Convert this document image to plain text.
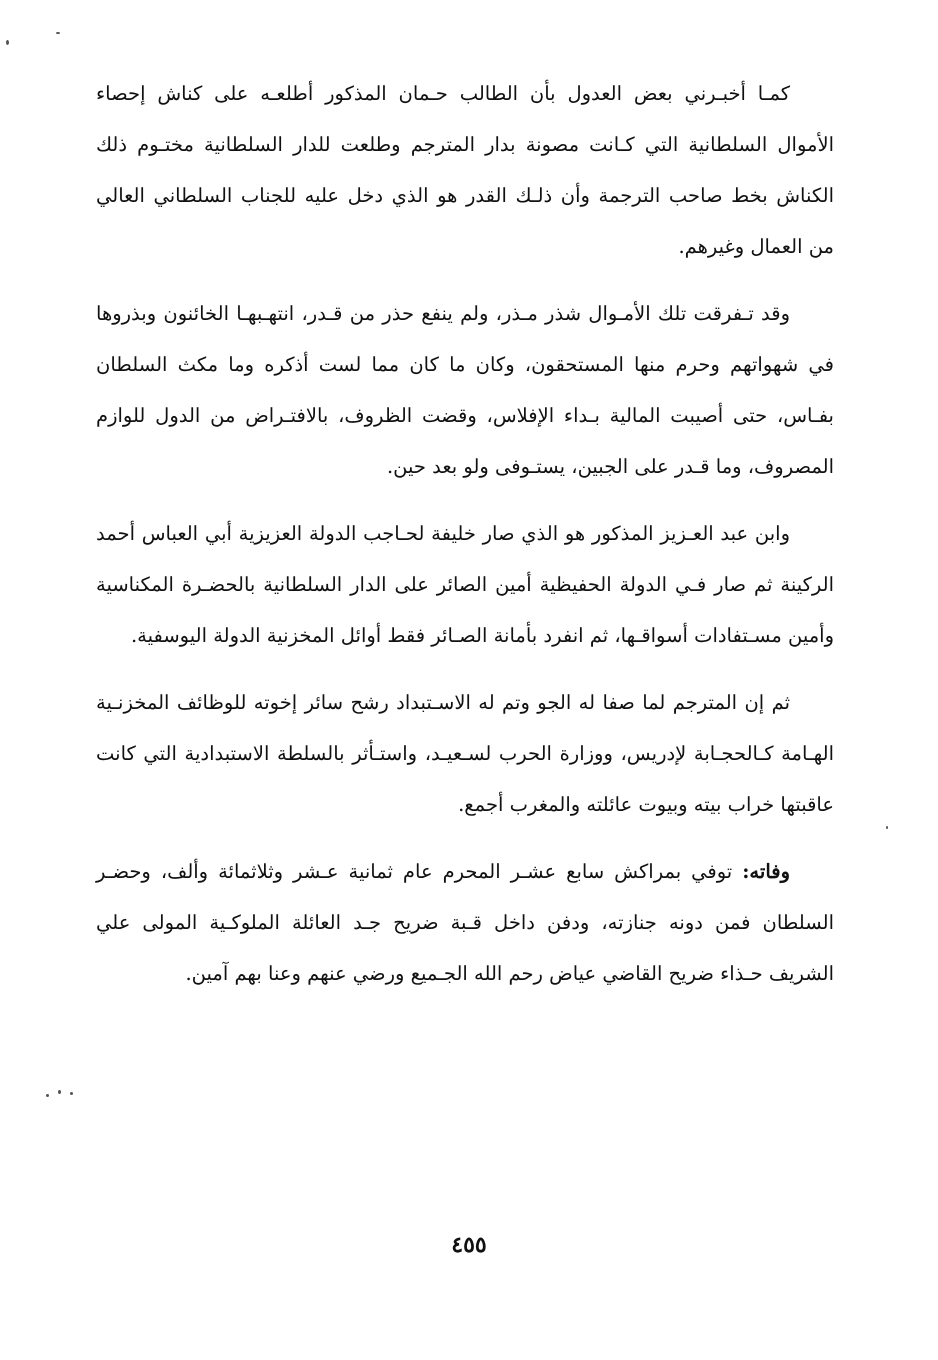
كمـا أخبـرني بعض العدول بأن الطالب حـمان المذكور أطلعـه على كناش إحصاء الأموال السلطانية التي كـانت مصونة بدار المترجم وطلعت للدار السلطانية مختـوم ذلك الكناش بخط صاحب الترجمة وأن ذلـك القدر هو الذي دخل عليه للجناب السلطاني العالي من العمال وغيرهم.

وقد تـفرقت تلك الأمـوال شذر مـذر، ولم ينفع حذر من قـدر، انتهـبهـا الخائنون وبذروها في شهواتهم وحرم منها المستحقون، وكان ما كان مما لست أذكره وما مكث السلطان بفـاس، حتى أصيبت المالية بـداء الإفلاس، وقضت الظروف، بالافتـراض من الدول للوازم المصروف، وما قـدر على الجبين، يستـوفى ولو بعد حين.

وابن عبد العـزيز المذكور هو الذي صار خليفة لحـاجب الدولة العزيزية أبي العباس أحمد الركينة ثم صار فـي الدولة الحفيظية أمين الصائر على الدار السلطانية بالحضـرة المكناسية وأمين مسـتفادات أسواقـها، ثم انفرد بأمانة الصـائر فقط أوائل المخزنية الدولة اليوسفية.

ثم إن المترجم لما صفا له الجو وتم له الاسـتبداد رشح سائر إخوته للوظائف المخزنـية الهـامة كـالحجـابة لإدريس، ووزارة الحرب لسـعيـد، واستـأثر بالسلطة الاستبدادية التي كانت عاقبتها خراب بيته وبيوت عائلته والمغرب أجمع.

وفاته: توفي بمراكش سابع عشـر المحرم عام ثمانية عـشر وثلاثمائة وألف، وحضـر السلطان فمن دونه جنازته، ودفن داخل قـبة ضريح جـد العائلة الملوكـية المولى علي الشريف حـذاء ضريح القاضي عياض رحم الله الجـميع ورضي عنهم وعنا بهم آمين.

٤٥٥
